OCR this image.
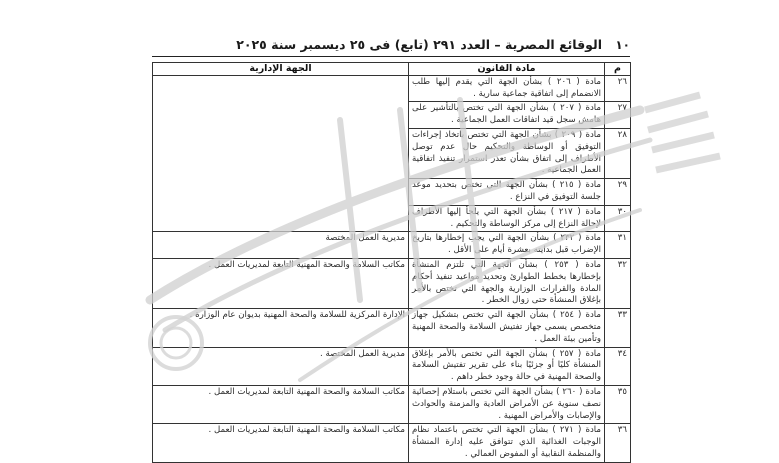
١٠
الوقائع المصرية – العدد ٢٩١ (تابع) فى ٢٥ ديسمبر سنة ٢٠٢٥
م	مادة القانون	الجهة الإدارية
٢٦	مادة ( ٢٠٦ ) بشأن الجهة التي يقدم إليها طلب الانضمام إلى اتفاقية جماعية سارية .	
٢٧	مادة ( ٢٠٧ ) بشأن الجهة التي تختص بالتأشير على هامش سجل قيد اتفاقات العمل الجماعية .	
٢٨	مادة ( ٢٠٩ ) بشأن الجهة التي تختص باتخاذ إجراءات التوفيق أو الوساطة والتحكيم حال عدم توصل الأطراف إلى اتفاق بشأن تعذر استمرار تنفيذ اتفاقية العمل الجماعية .	
٢٩	مادة ( ٢١٥ ) بشأن الجهة التي تختص بتحديد موعد جلسة التوفيق في النزاع .	
٣٠	مادة ( ٢١٧ ) بشأن الجهة التي يلجأ إليها الأطراف لإحالة النزاع إلى مركز الوساطة والتحكيم .	
٣١	مادة ( ٢٣٢ ) بشأن الجهة التي يجب إخطارها بتاريخ الإضراب قبل بدايته بعشرة أيام على الأقل .	مديرية العمل المختصة
٣٢	مادة ( ٢٥٣ ) بشأن الجهة التي تلتزم المنشأة بإخطارها بخطط الطوارئ وتحديد مواعيد تنفيذ أحكام المادة والقرارات الوزارية والجهة التي تختص بالأمر بإغلاق المنشأة حتى زوال الخطر .	مكاتب السلامة والصحة المهنية التابعة لمديريات العمل .
٣٣	مادة ( ٢٥٤ ) بشأن الجهة التي تختص بتشكيل جهاز متخصص يسمى جهاز تفتيش السلامة والصحة المهنية وتأمين بيئة العمل .	الإدارة المركزية للسلامة والصحة المهنية بديوان عام الوزارة .
٣٤	مادة ( ٢٥٧ ) بشأن الجهة التي تختص بالأمر بإغلاق المنشأة كليًا أو جزئيًا بناء على تقرير تفتيش السلامة والصحة المهنية في حالة وجود خطر داهم .	مديرية العمل المختصة .
٣٥	مادة ( ٢٦٠ ) بشأن الجهة التي تختص باستلام إحصائية نصف سنوية عن الأمراض العادية والمزمنة والحوادث والإصابات والأمراض المهنية .	مكاتب السلامة والصحة المهنية التابعة لمديريات العمل .
٣٦	مادة ( ٢٧١ ) بشأن الجهة التي تختص باعتماد نظام الوجبات الغذائية الذي تتوافق عليه إدارة المنشأة والمنظمة النقابية أو المفوض العمالي .	مكاتب السلامة والصحة المهنية التابعة لمديريات العمل .
